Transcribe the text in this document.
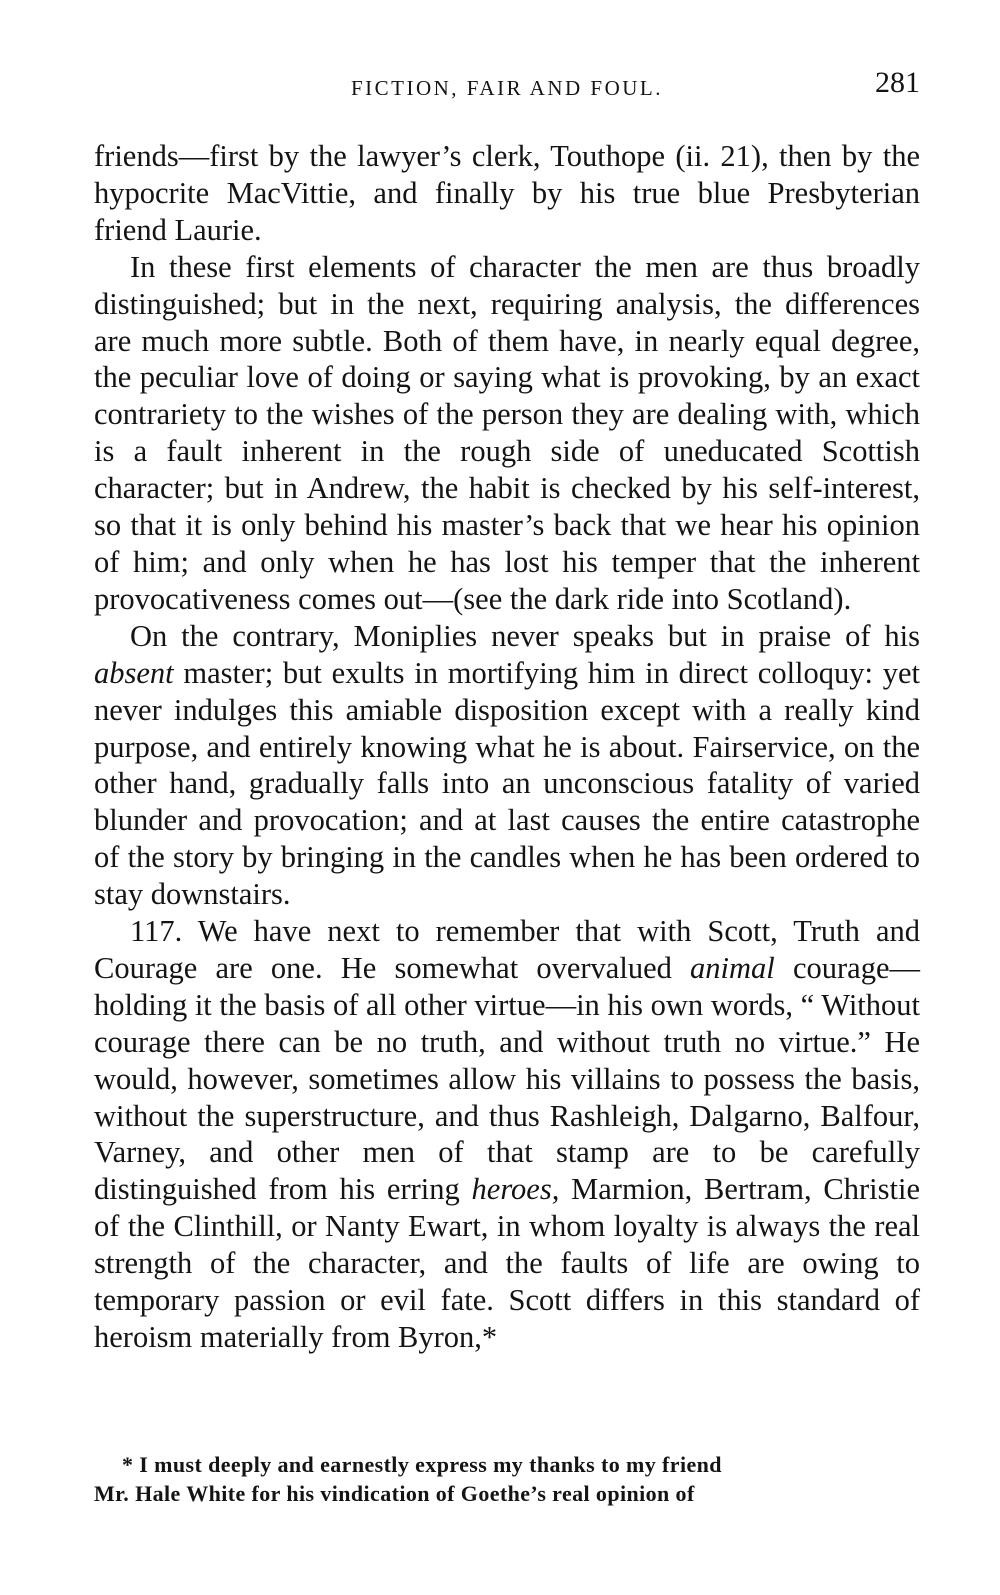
FICTION, FAIR AND FOUL.	281

friends—first by the lawyer’s clerk, Touthope (ii. 21), then by the hypocrite MacVittie, and finally by his true blue Presbyterian friend Laurie.

In these first elements of character the men are thus broadly distinguished; but in the next, requiring analysis, the differences are much more subtle. Both of them have, in nearly equal degree, the peculiar love of doing or saying what is provoking, by an exact contrariety to the wishes of the person they are dealing with, which is a fault inherent in the rough side of uneducated Scottish character; but in Andrew, the habit is checked by his self-interest, so that it is only behind his master’s back that we hear his opinion of him; and only when he has lost his temper that the inherent provocativeness comes out—(see the dark ride into Scotland).

On the contrary, Moniplies never speaks but in praise of his absent master; but exults in mortifying him in direct colloquy: yet never indulges this amiable disposition except with a really kind purpose, and entirely knowing what he is about. Fairservice, on the other hand, gradually falls into an unconscious fatality of varied blunder and provocation; and at last causes the entire catastrophe of the story by bringing in the candles when he has been ordered to stay downstairs.

117. We have next to remember that with Scott, Truth and Courage are one. He somewhat overvalued animal courage—holding it the basis of all other virtue—in his own words, “ Without courage there can be no truth, and without truth no virtue.” He would, however, sometimes allow his villains to possess the basis, without the superstructure, and thus Rashleigh, Dalgarno, Balfour, Varney, and other men of that stamp are to be carefully distinguished from his erring heroes, Marmion, Bertram, Christie of the Clinthill, or Nanty Ewart, in whom loyalty is always the real strength of the character, and the faults of life are owing to temporary passion or evil fate. Scott differs in this standard of heroism materially from Byron,*

* I must deeply and earnestly express my thanks to my friend

Mr. Hale White for his vindication of Goethe’s real opinion of
